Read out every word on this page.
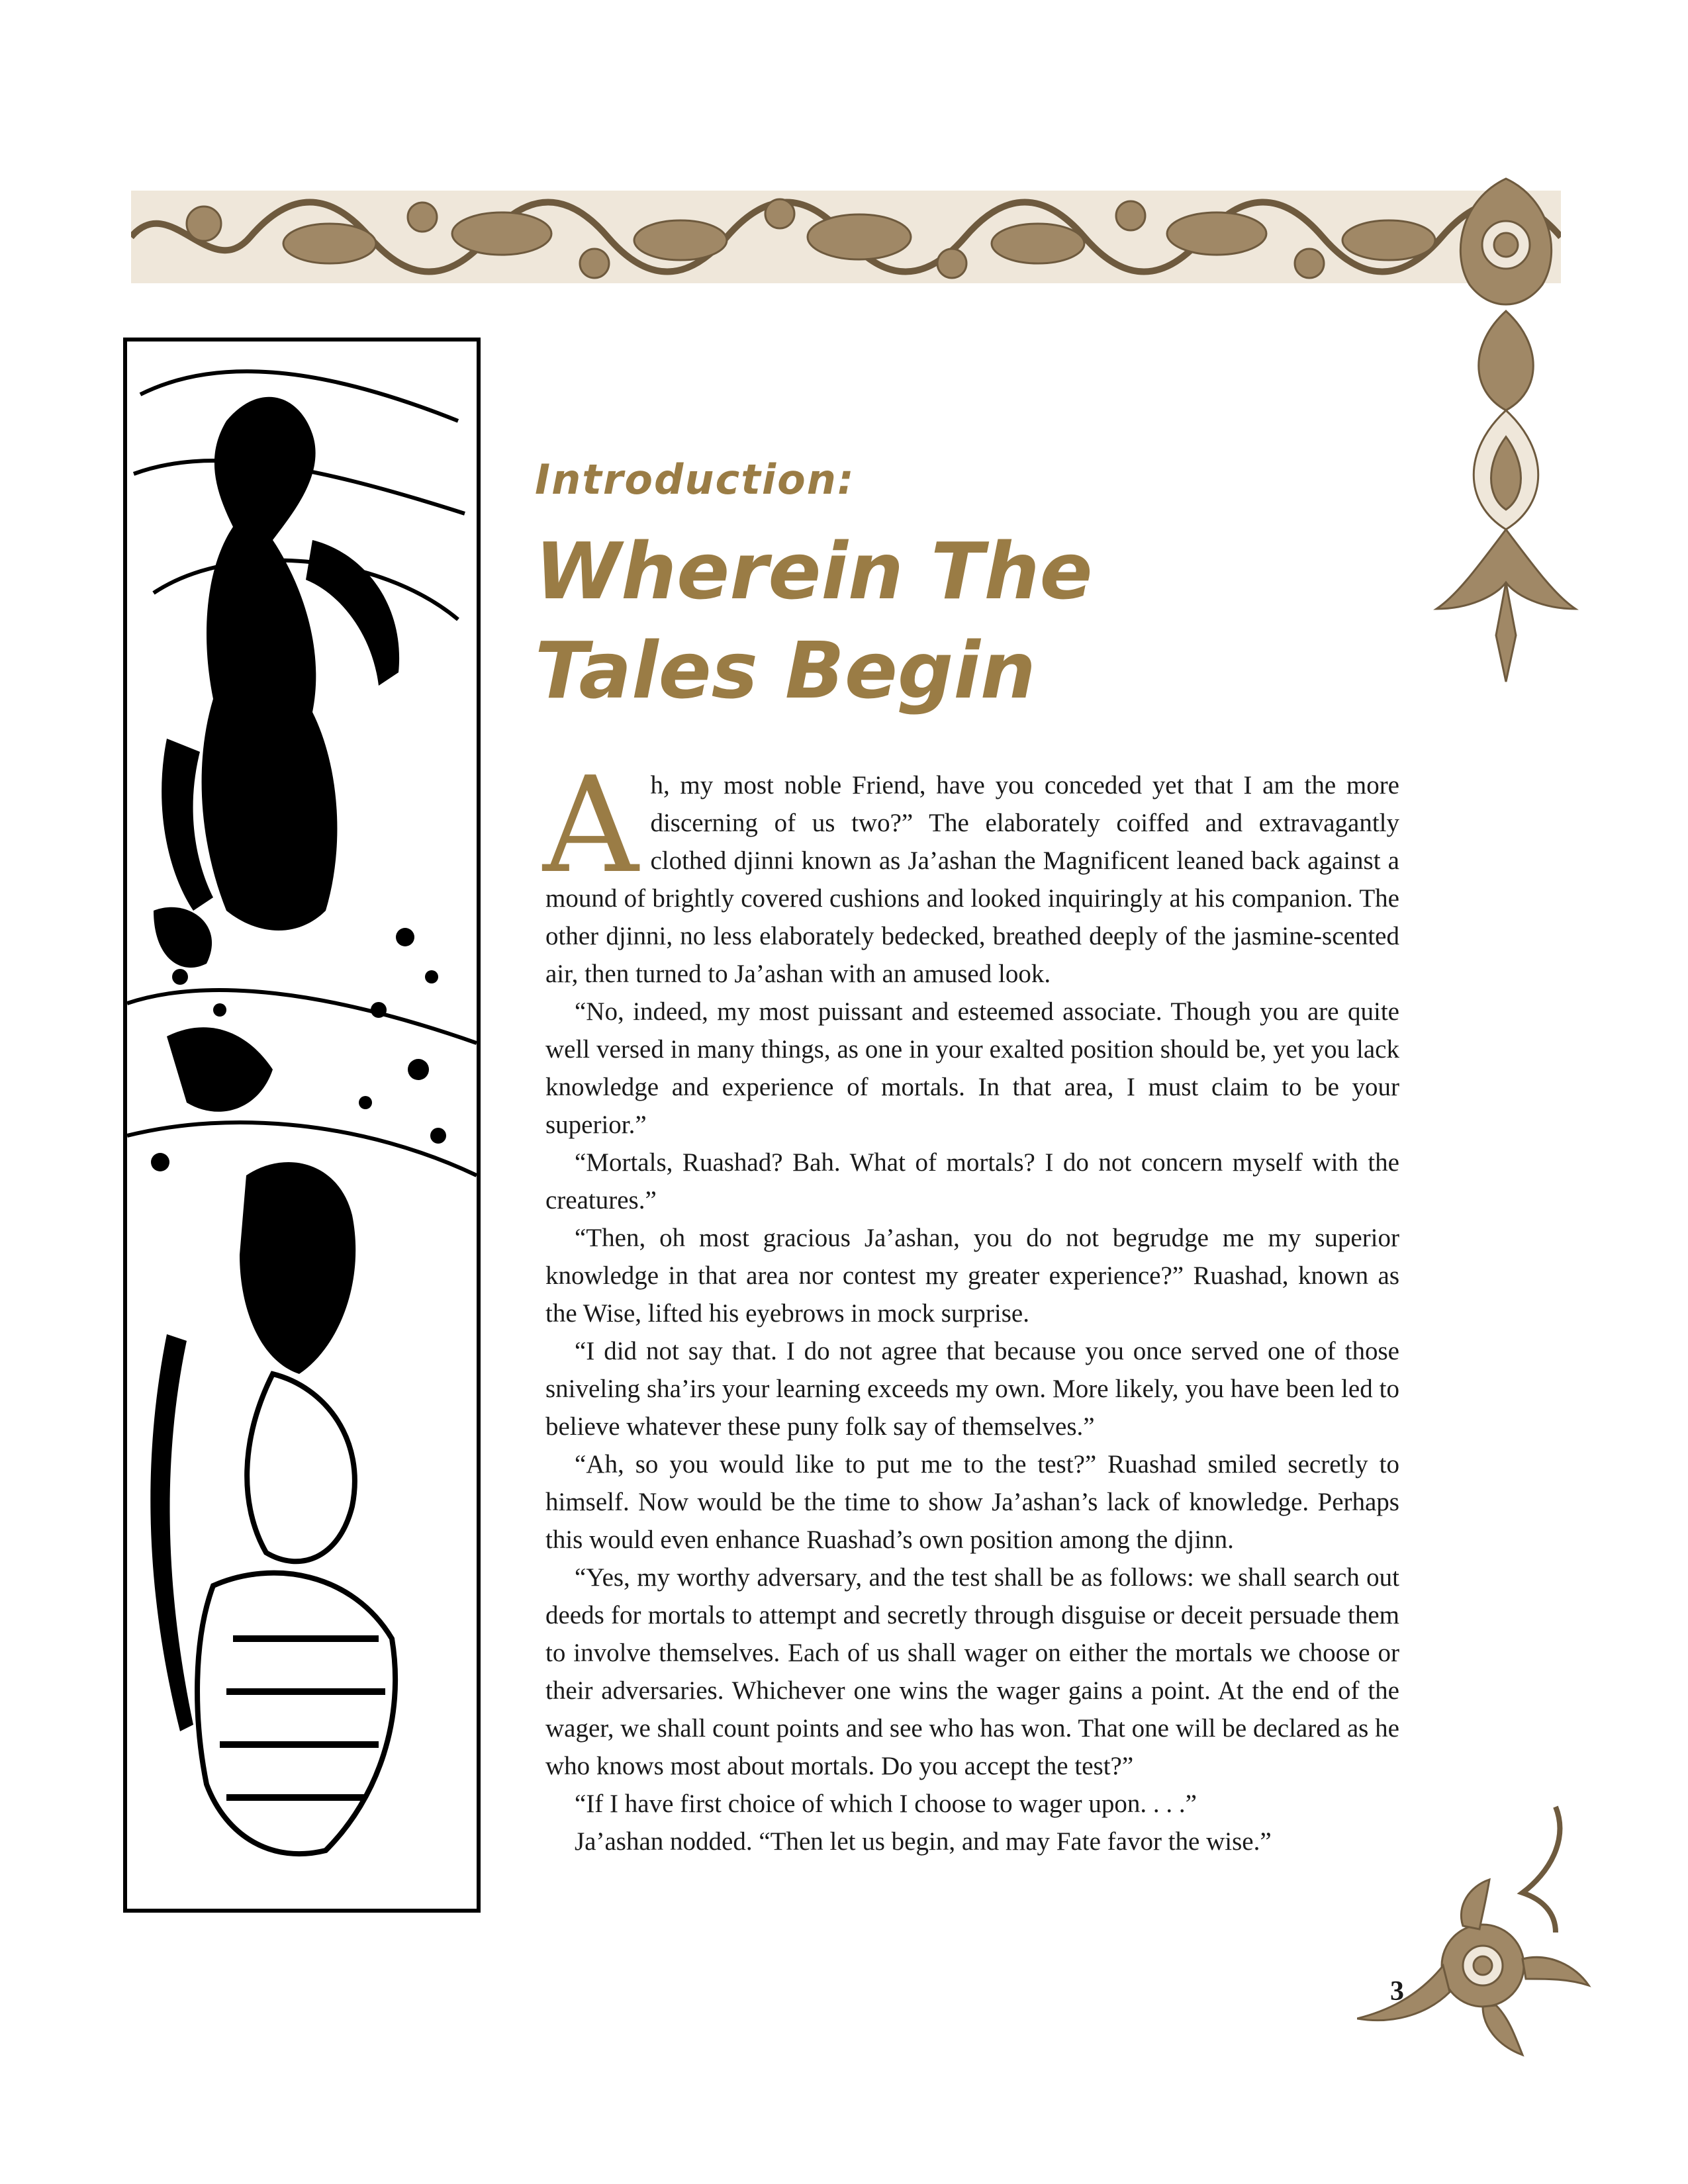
Introduction:

Wherein The
Tales Begin

Ah, my most noble Friend, have you conceded yet that I am the more discerning of us two?” The elaborately coiffed and extravagantly clothed djinni known as Ja’ashan the Magnificent leaned back against a mound of brightly covered cushions and looked inquiringly at his companion. The other djinni, no less elaborately bedecked, breathed deeply of the jasmine-scented air, then turned to Ja’ashan with an amused look.

“No, indeed, my most puissant and esteemed associate. Though you are quite well versed in many things, as one in your exalted position should be, yet you lack knowledge and experience of mortals. In that area, I must claim to be your superior.”

“Mortals, Ruashad? Bah. What of mortals? I do not concern myself with the creatures.”

“Then, oh most gracious Ja’ashan, you do not begrudge me my superior knowledge in that area nor contest my greater experience?” Ruashad, known as the Wise, lifted his eyebrows in mock surprise.

“I did not say that. I do not agree that because you once served one of those sniveling sha’irs your learning exceeds my own. More likely, you have been led to believe whatever these puny folk say of themselves.”

“Ah, so you would like to put me to the test?” Ruashad smiled secretly to himself. Now would be the time to show Ja’ashan’s lack of knowledge. Perhaps this would even enhance Ruashad’s own position among the djinn.

“Yes, my worthy adversary, and the test shall be as follows: we shall search out deeds for mortals to attempt and secretly through disguise or deceit persuade them to involve themselves. Each of us shall wager on either the mortals we choose or their adversaries. Whichever one wins the wager gains a point. At the end of the wager, we shall count points and see who has won. That one will be declared as he who knows most about mortals. Do you accept the test?”

“If I have first choice of which I choose to wager upon. . . .”

Ja’ashan nodded. “Then let us begin, and may Fate favor the wise.”

3
